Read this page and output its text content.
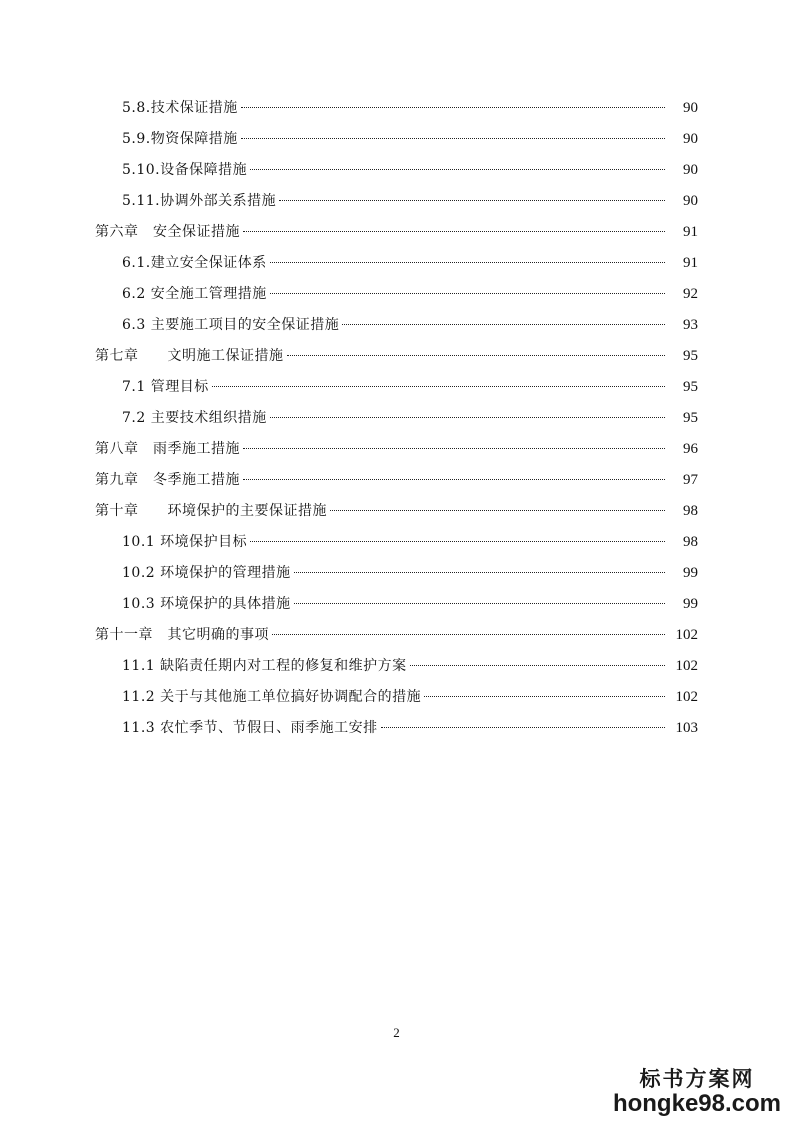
5.8.技术保证措施	90
5.9.物资保障措施	90
5.10.设备保障措施	90
5.11.协调外部关系措施	90
第六章　安全保证措施	91
6.1.建立安全保证体系	91
6.2 安全施工管理措施	92
6.3 主要施工项目的安全保证措施	93
第七章　　文明施工保证措施	95
7.1 管理目标	95
7.2 主要技术组织措施	95
第八章　雨季施工措施	96
第九章　冬季施工措施	97
第十章　　环境保护的主要保证措施	98
10.1 环境保护目标	98
10.2 环境保护的管理措施	99
10.3 环境保护的具体措施	99
第十一章　其它明确的事项	102
11.1 缺陷责任期内对工程的修复和维护方案	102
11.2 关于与其他施工单位搞好协调配合的措施	102
11.3 农忙季节、节假日、雨季施工安排	103
2
标书方案网
hongke98.com
